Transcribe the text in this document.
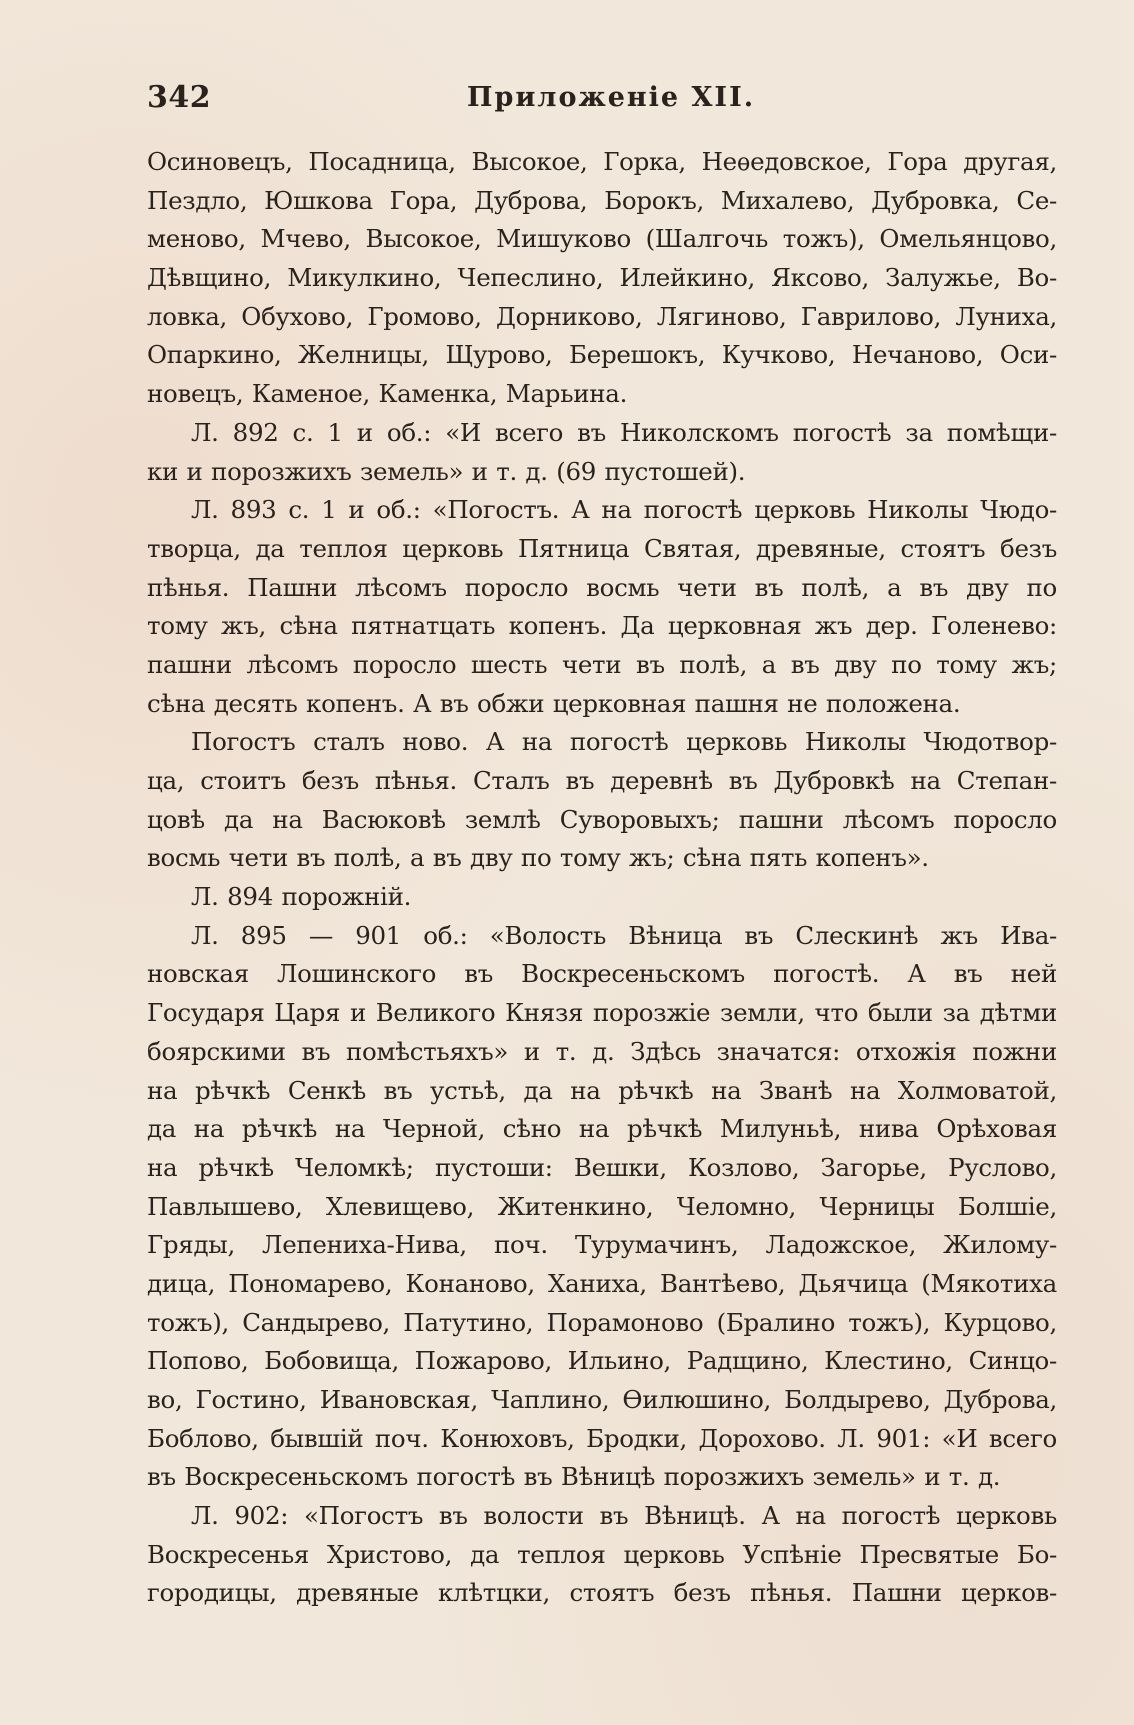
342	Приложеніе XII.
Осиновецъ, Посадница, Высокое, Горка, Неѳедовское, Гора другая,
Пездло, Юшкова Гора, Дуброва, Борокъ, Михалево, Дубровка, Се-
меново, Мчево, Высокое, Мишуково (Шалгочь тожъ), Омельянцово,
Дѣвщино, Микулкино, Чепеслино, Илейкино, Яксово, Залужье, Во-
ловка, Обухово, Громово, Дорниково, Лягиново, Гаврилово, Луниха,
Опаркино, Желницы, Щурово, Берешокъ, Кучково, Нечаново, Оси-
новецъ, Каменое, Каменка, Марьина.
Л. 892 с. 1 и об.: «И всего въ Николскомъ погостѣ за помѣщи-
ки и порозжихъ земель» и т. д. (69 пустошей).
Л. 893 с. 1 и об.: «Погостъ. А на погостѣ церковь Николы Чюдо-
творца, да теплоя церковь Пятница Святая, древяные, стоятъ безъ
пѣнья. Пашни лѣсомъ поросло восмь чети въ полѣ, а въ дву по
тому жъ, сѣна пятнатцать копенъ. Да церковная жъ дер. Голенево:
пашни лѣсомъ поросло шесть чети въ полѣ, а въ дву по тому жъ;
сѣна десять копенъ. А въ обжи церковная пашня не положена.
Погостъ сталъ ново. А на погостѣ церковь Николы Чюдотвор-
ца, стоитъ безъ пѣнья. Сталъ въ деревнѣ въ Дубровкѣ на Степан-
цовѣ да на Васюковѣ землѣ Суворовыхъ; пашни лѣсомъ поросло
восмь чети въ полѣ, а въ дву по тому жъ; сѣна пять копенъ».
Л. 894 порожній.
Л. 895 — 901 об.: «Волость Вѣница въ Слескинѣ жъ Ива-
новская Лошинского въ Воскресеньскомъ погостѣ. А въ ней
Государя Царя и Великого Князя порозжіе земли, что были за дѣтми
боярскими въ помѣстьяхъ» и т. д. Здѣсь значатся: отхожія пожни
на рѣчкѣ Сенкѣ въ устьѣ, да на рѣчкѣ на Званѣ на Холмоватой,
да на рѣчкѣ на Черной, сѣно на рѣчкѣ Милуньѣ, нива Орѣховая
на рѣчкѣ Челомкѣ; пустоши: Вешки, Козлово, Загорье, Руслово,
Павлышево, Хлевищево, Житенкино, Челомно, Черницы Болшіе,
Гряды, Лепениха-Нива, поч. Турумачинъ, Ладожское, Жилому-
дица, Пономарево, Конаново, Ханиха, Вантѣево, Дьячица (Мякотиха
тожъ), Сандырево, Патутино, Порамоново (Бралино тожъ), Курцово,
Попово, Бобовища, Пожарово, Ильино, Радщино, Клестино, Синцо-
во, Гостино, Ивановская, Чаплино, Ѳилюшино, Болдырево, Дуброва,
Боблово, бывшій поч. Конюховъ, Бродки, Дорохово. Л. 901: «И всего
въ Воскресеньскомъ погостѣ въ Вѣницѣ порозжихъ земель» и т. д.
Л. 902: «Погостъ въ волости въ Вѣницѣ. А на погостѣ церковь
Воскресенья Христово, да теплоя церковь Успѣніе Пресвятые Бо-
городицы, древяные клѣтцки, стоятъ безъ пѣнья. Пашни церков-
